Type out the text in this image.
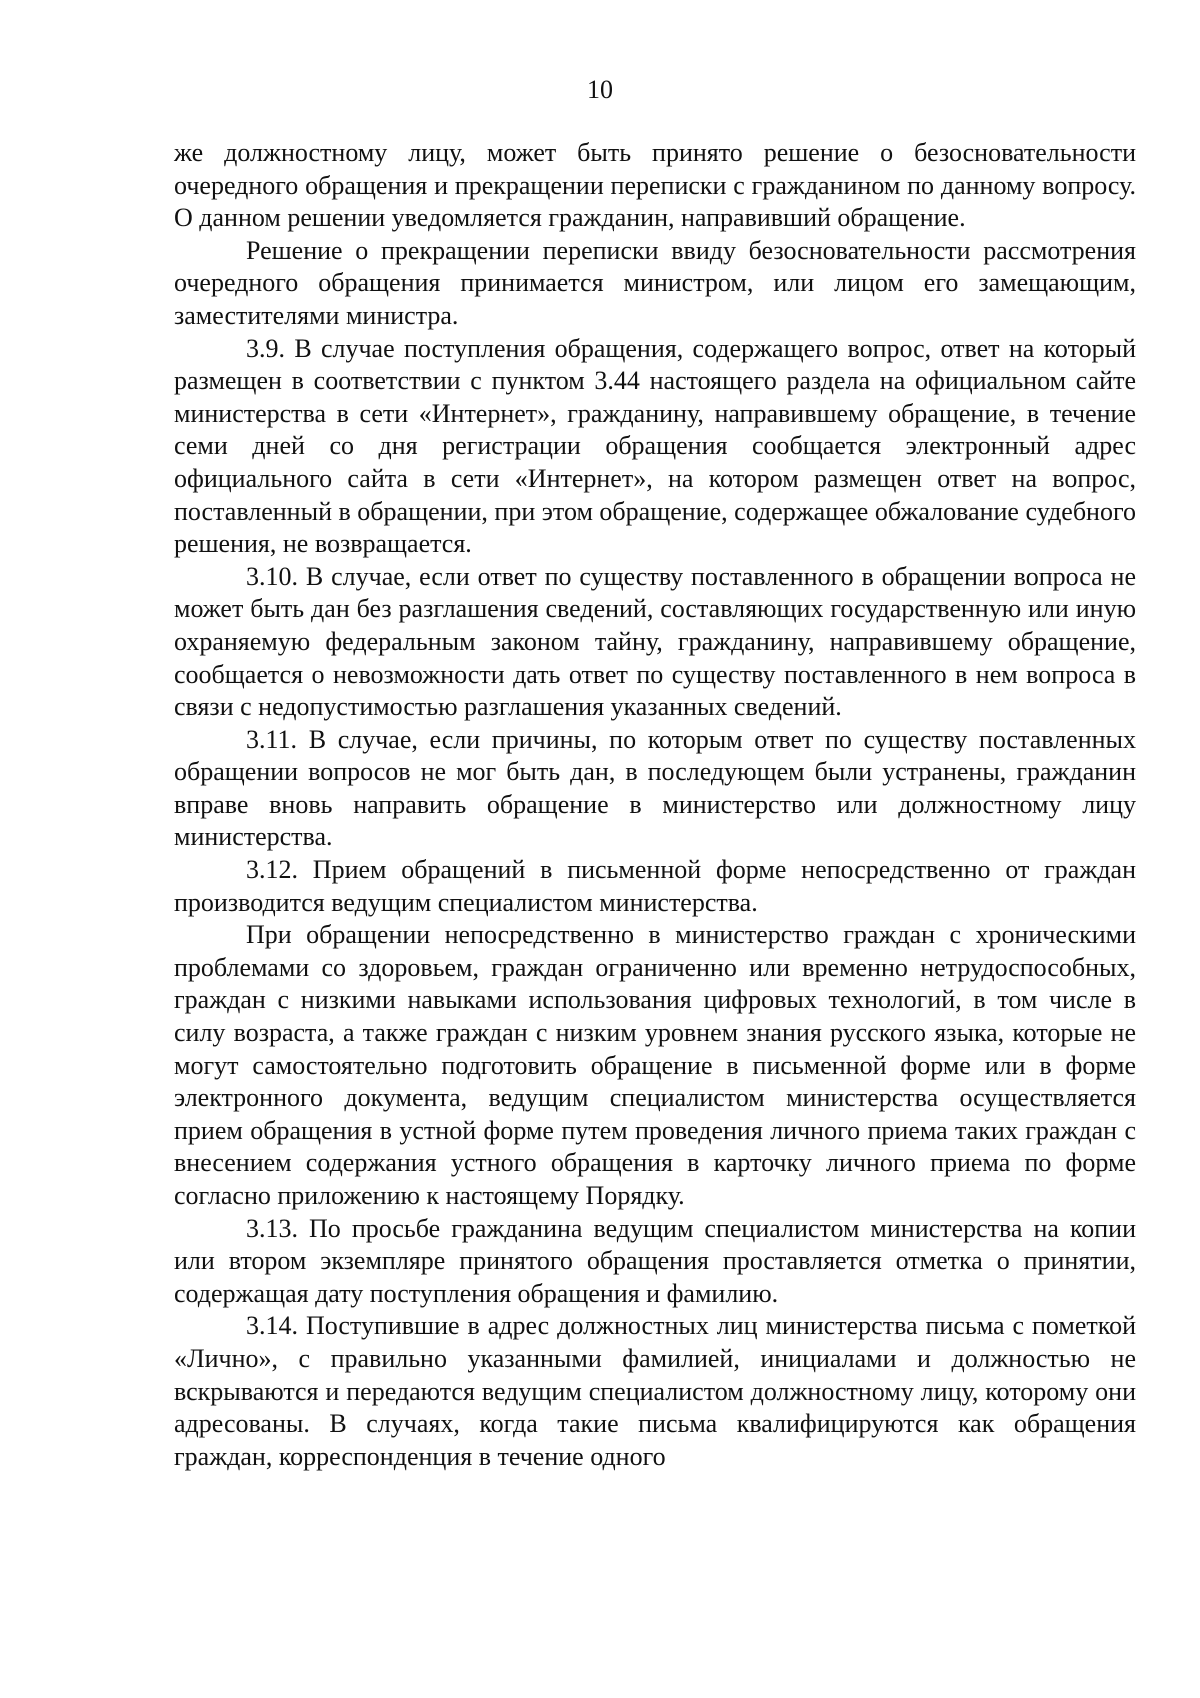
10

же должностному лицу, может быть принято решение о безосновательности очередного обращения и прекращении переписки с гражданином по данному вопросу. О данном решении уведомляется гражданин, направивший обращение.

Решение о прекращении переписки ввиду безосновательности рассмотрения очередного обращения принимается министром, или лицом его замещающим, заместителями министра.

3.9. В случае поступления обращения, содержащего вопрос, ответ на который размещен в соответствии с пунктом 3.44 настоящего раздела на официальном сайте министерства в сети «Интернет», гражданину, направившему обращение, в течение семи дней со дня регистрации обращения сообщается электронный адрес официального сайта в сети «Интернет», на котором размещен ответ на вопрос, поставленный в обращении, при этом обращение, содержащее обжалование судебного решения, не возвращается.

3.10. В случае, если ответ по существу поставленного в обращении вопроса не может быть дан без разглашения сведений, составляющих государственную или иную охраняемую федеральным законом тайну, гражданину, направившему обращение, сообщается о невозможности дать ответ по существу поставленного в нем вопроса в связи с недопустимостью разглашения указанных сведений.

3.11. В случае, если причины, по которым ответ по существу поставленных обращении вопросов не мог быть дан, в последующем были устранены, гражданин вправе вновь направить обращение в министерство или должностному лицу министерства.

3.12. Прием обращений в письменной форме непосредственно от граждан производится ведущим специалистом министерства.

При обращении непосредственно в министерство граждан с хроническими проблемами со здоровьем, граждан ограниченно или временно нетрудоспособных, граждан с низкими навыками использования цифровых технологий, в том числе в силу возраста, а также граждан с низким уровнем знания русского языка, которые не могут самостоятельно подготовить обращение в письменной форме или в форме электронного документа, ведущим специалистом министерства осуществляется прием обращения в устной форме путем проведения личного приема таких граждан с внесением содержания устного обращения в карточку личного приема по форме согласно приложению к настоящему Порядку.

3.13. По просьбе гражданина ведущим специалистом министерства на копии или втором экземпляре принятого обращения проставляется отметка о принятии, содержащая дату поступления обращения и фамилию.

3.14. Поступившие в адрес должностных лиц министерства письма с пометкой «Лично», с правильно указанными фамилией, инициалами и должностью не вскрываются и передаются ведущим специалистом должностному лицу, которому они адресованы. В случаях, когда такие письма квалифицируются как обращения граждан, корреспонденция в течение одного
